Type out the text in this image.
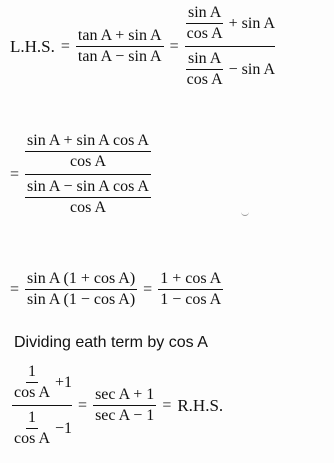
L.H.S. = $\frac{\text{tan A + sin A}}{\text{tan A − sin A}} = \frac{\frac{\text{sin A}}{\text{cos A}} + \sin A}{\frac{\text{sin A}}{\text{cos A}} - \sin A}$
= $\frac{\frac{\text{sin A + sin A cos A}}{\text{cos A}}}{\frac{\text{sin A − sin A cos A}}{\text{cos A}}}$
= $\frac{\text{sin A (1 + cos A)}}{\text{sin A (1 − cos A)}} = \frac{\text{1 + cos A}}{\text{1 − cos A}}$
Dividing eath term by cos A
$\frac{\frac{1}{\text{cos A}} +1}{\frac{1}{\text{cos A}} -1} = \frac{\text{sec A + 1}}{\text{sec A − 1}} = R.H.S$.
